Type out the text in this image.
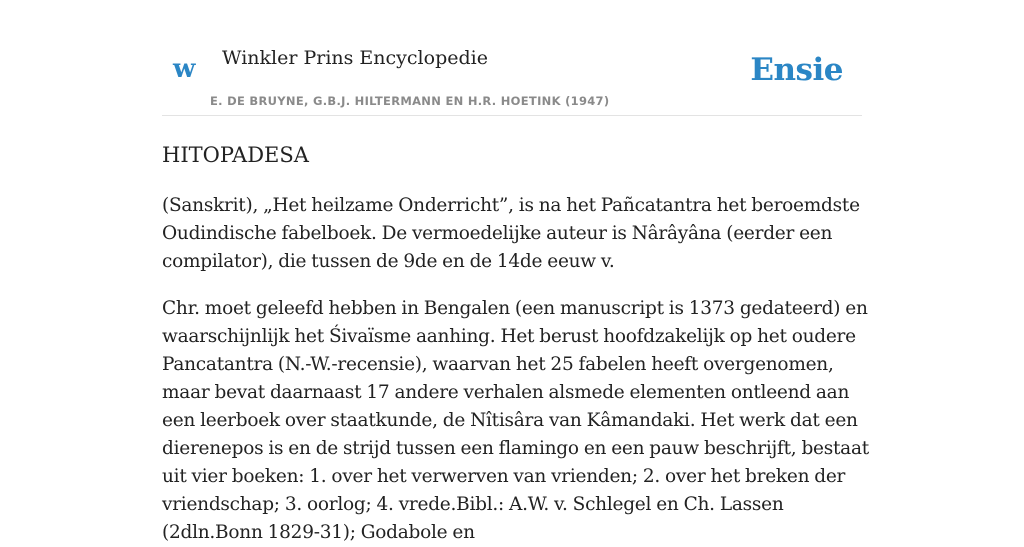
w Winkler Prins Encyclopedie
E. DE BRUYNE, G.B.J. HILTERMANN EN H.R. HOETINK (1947)
Ensie
HITOPADESA

(Sanskrit), „Het heilzame Onderricht”, is na het Pañcatantra het beroemdste Oudindische fabelboek. De vermoedelijke auteur is Nârâyâna (eerder een compilator), die tussen de 9de en de 14de eeuw v.

Chr. moet geleefd hebben in Bengalen (een manuscript is 1373 gedateerd) en waarschijnlijk het Śivaïsme aanhing. Het berust hoofdzakelijk op het oudere Pancatantra (N.-W.-recensie), waarvan het 25 fabelen heeft overgenomen, maar bevat daarnaast 17 andere verhalen alsmede elementen ontleend aan een leerboek over staatkunde, de Nîtisâra van Kâmandaki. Het werk dat een dierenepos is en de strijd tussen een flamingo en een pauw beschrijft, bestaat uit vier boeken: 1. over het verwerven van vrienden; 2. over het breken der vriendschap; 3. oorlog; 4. vrede.Bibl.: A.W. v. Schlegel en Ch. Lassen (2dln.Bonn 1829-31); Godabole en
